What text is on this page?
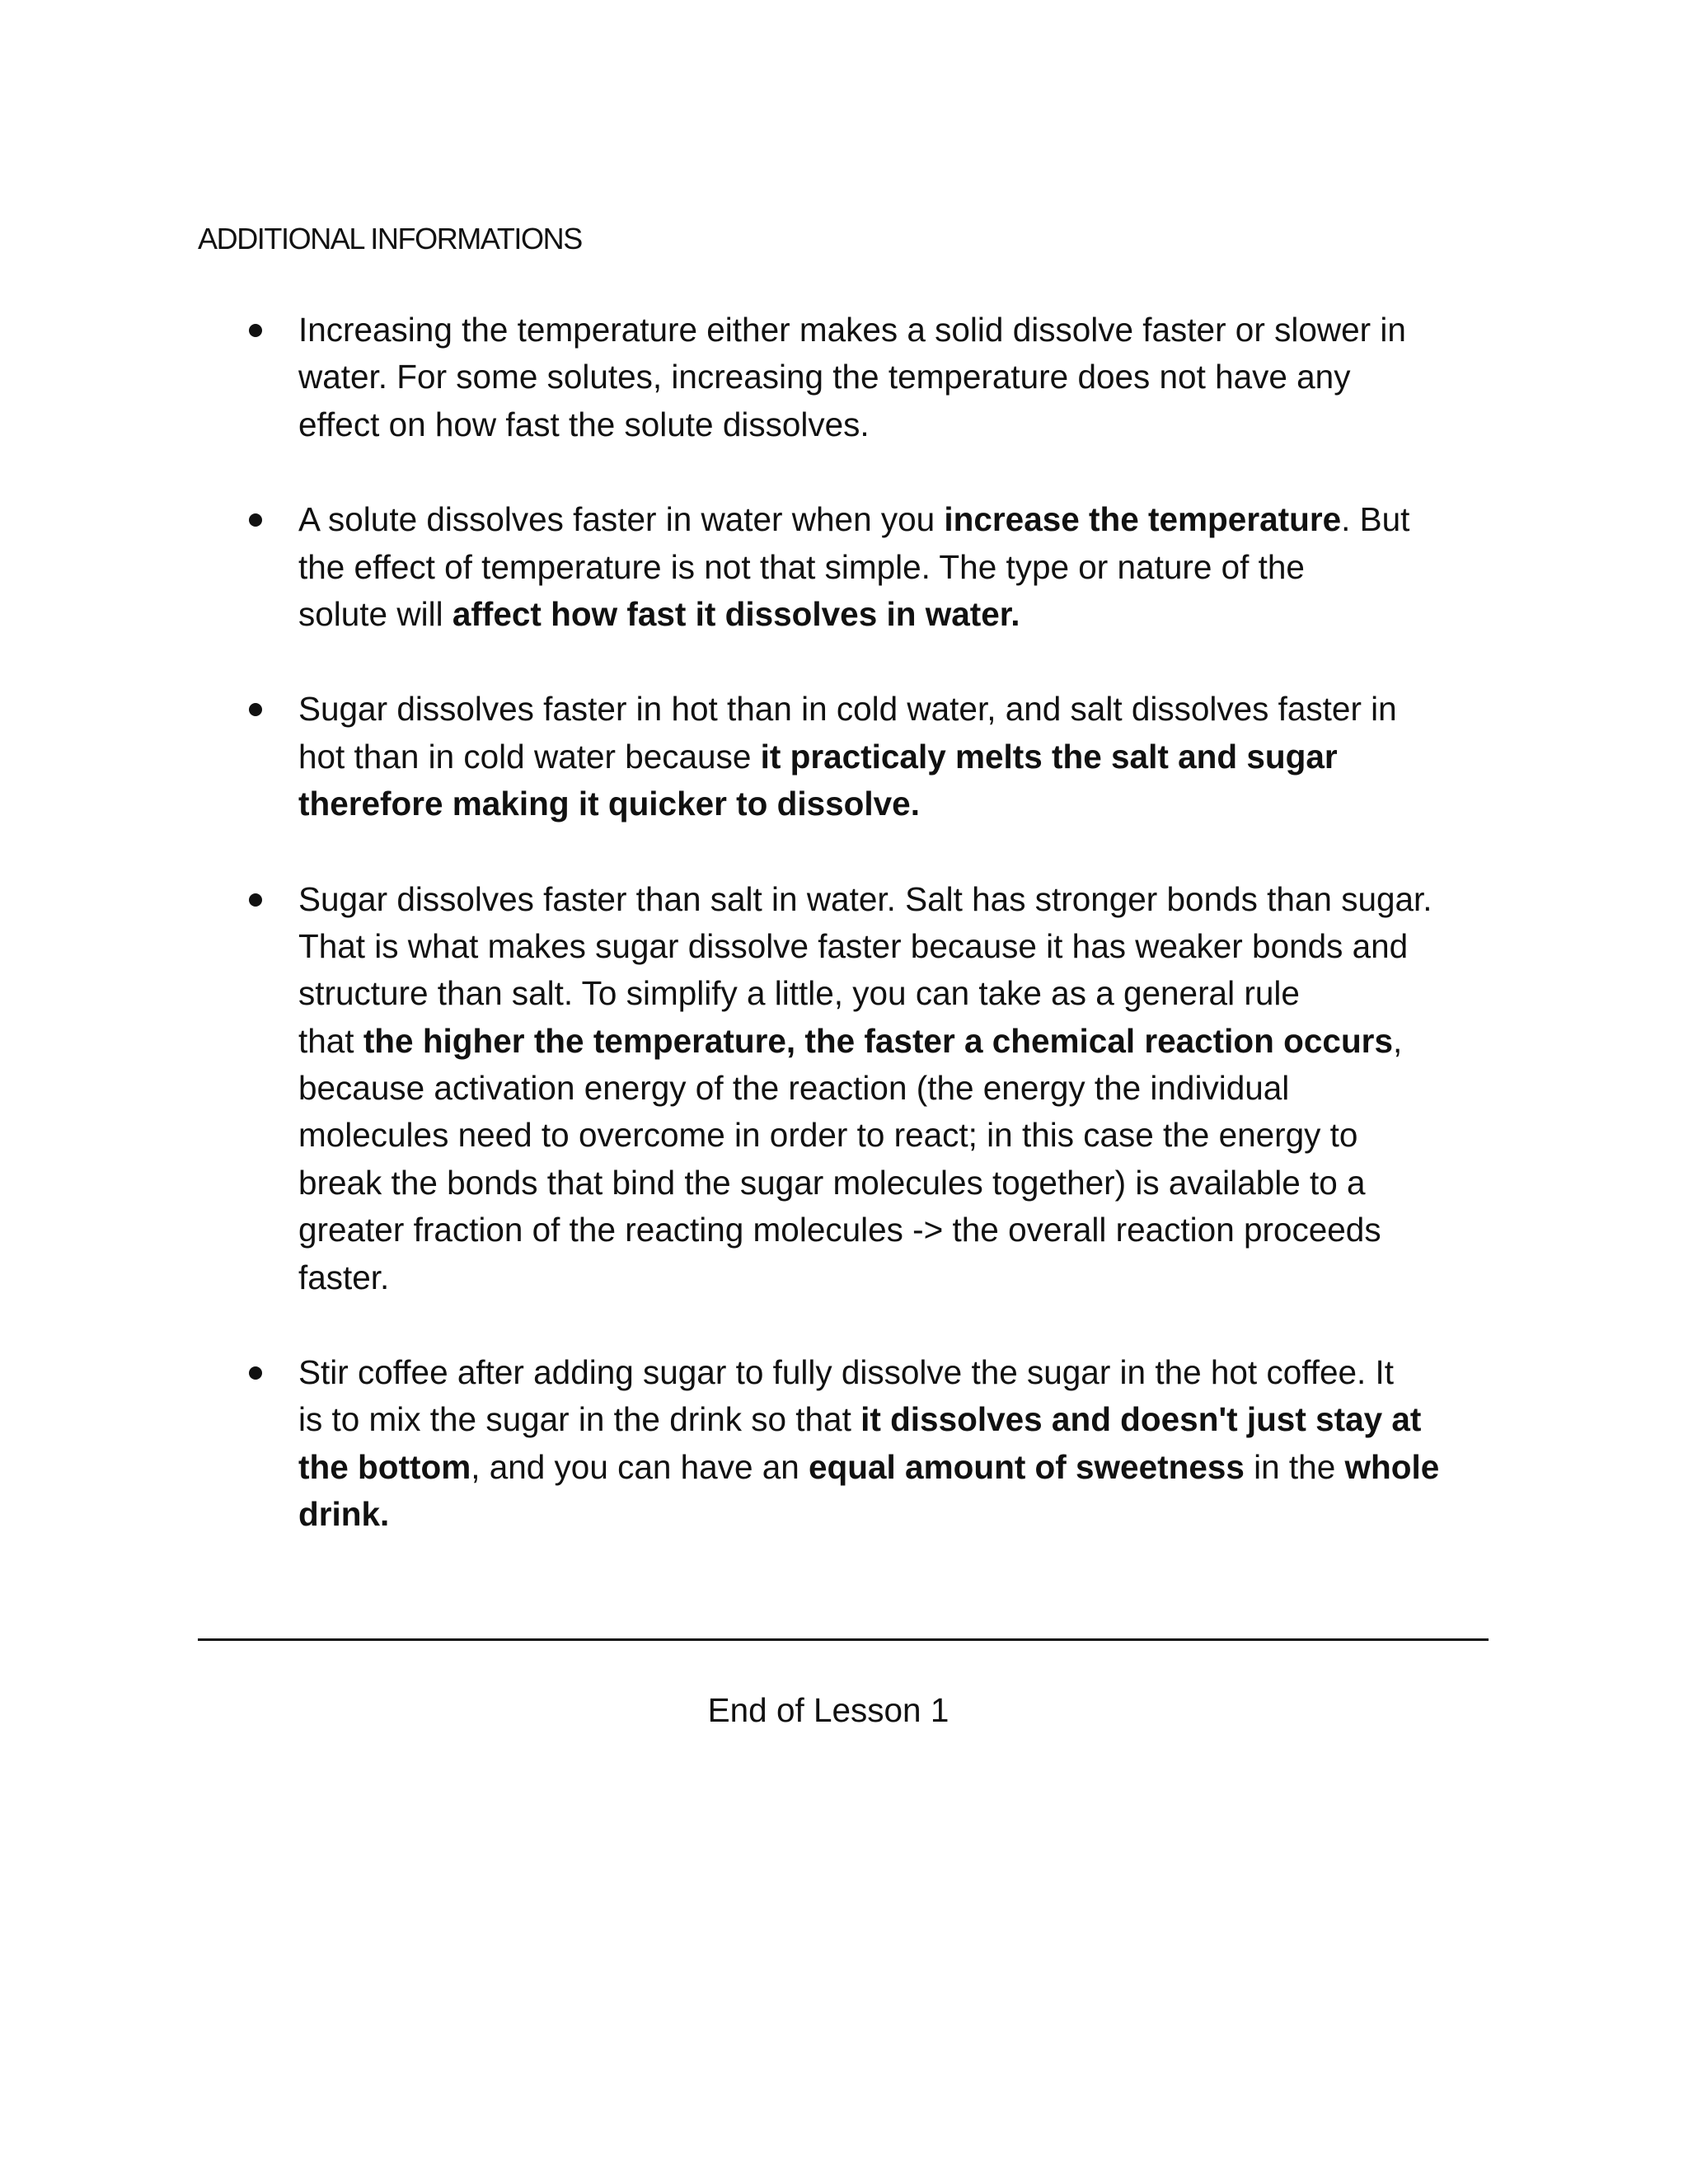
ADDITIONAL INFORMATIONS
Increasing the temperature either makes a solid dissolve faster or slower in
water. For some solutes, increasing the temperature does not have any
effect on how fast the solute dissolves.
A solute dissolves faster in water when you increase the temperature. But
the effect of temperature is not that simple. The type or nature of the
solute will affect how fast it dissolves in water.
Sugar dissolves faster in hot than in cold water, and salt dissolves faster in
hot than in cold water because it practicaly melts the salt and sugar
therefore making it quicker to dissolve.
Sugar dissolves faster than salt in water. Salt has stronger bonds than sugar.
That is what makes sugar dissolve faster because it has weaker bonds and
structure than salt. To simplify a little, you can take as a general rule
that the higher the temperature, the faster a chemical reaction occurs,
because activation energy of the reaction (the energy the individual
molecules need to overcome in order to react; in this case the energy to
break the bonds that bind the sugar molecules together) is available to a
greater fraction of the reacting molecules -> the overall reaction proceeds
faster.
Stir coffee after adding sugar to fully dissolve the sugar in the hot coffee. It
is to mix the sugar in the drink so that it dissolves and doesn't just stay at
the bottom, and you can have an equal amount of sweetness in the whole
drink.

End of Lesson 1
